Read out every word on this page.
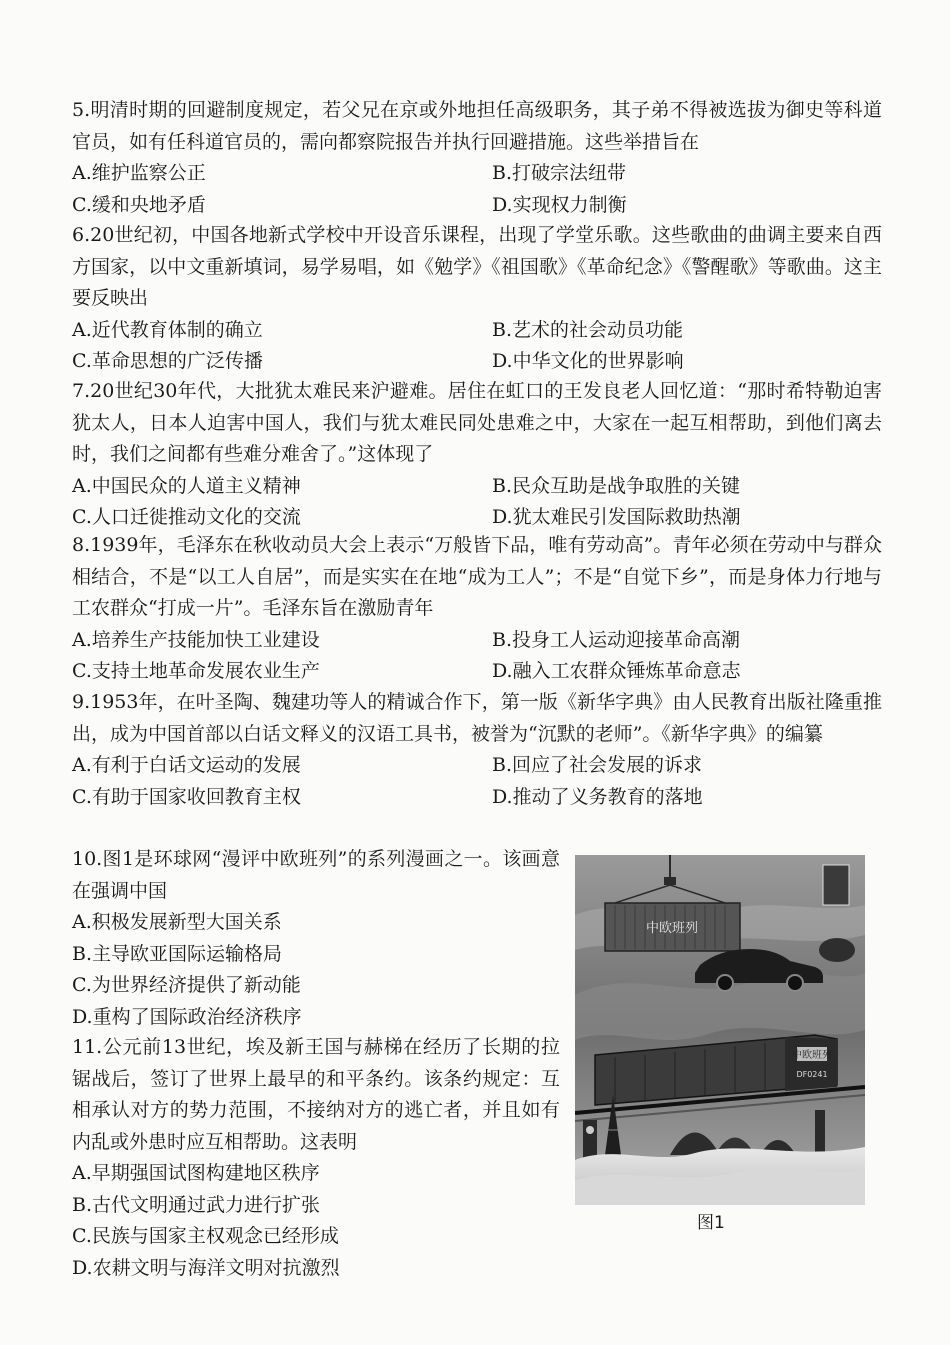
5.明清时期的回避制度规定，若父兄在京或外地担任高级职务，其子弟不得被选拔为御史等科道官员，如有任科道官员的，需向都察院报告并执行回避措施。这些举措旨在

A.维护监察公正	B.打破宗法纽带
C.缓和央地矛盾	D.实现权力制衡

6.20世纪初，中国各地新式学校中开设音乐课程，出现了学堂乐歌。这些歌曲的曲调主要来自西方国家，以中文重新填词，易学易唱，如《勉学》《祖国歌》《革命纪念》《警醒歌》等歌曲。这主要反映出

A.近代教育体制的确立	B.艺术的社会动员功能
C.革命思想的广泛传播	D.中华文化的世界影响

7.20世纪30年代，大批犹太难民来沪避难。居住在虹口的王发良老人回忆道：“那时希特勒迫害犹太人，日本人迫害中国人，我们与犹太难民同处患难之中，大家在一起互相帮助，到他们离去时，我们之间都有些难分难舍了。”这体现了

A.中国民众的人道主义精神	B.民众互助是战争取胜的关键
C.人口迁徙推动文化的交流	D.犹太难民引发国际救助热潮

8.1939年，毛泽东在秋收动员大会上表示“万般皆下品，唯有劳动高”。青年必须在劳动中与群众相结合，不是“以工人自居”，而是实实在在地“成为工人”；不是“自觉下乡”，而是身体力行地与工农群众“打成一片”。毛泽东旨在激励青年

A.培养生产技能加快工业建设	B.投身工人运动迎接革命高潮
C.支持土地革命发展农业生产	D.融入工农群众锤炼革命意志

9.1953年，在叶圣陶、魏建功等人的精诚合作下，第一版《新华字典》由人民教育出版社隆重推出，成为中国首部以白话文释义的汉语工具书，被誉为“沉默的老师”。《新华字典》的编纂

A.有利于白话文运动的发展	B.回应了社会发展的诉求
C.有助于国家收回教育主权	D.推动了义务教育的落地

10.图1是环球网“漫评中欧班列”的系列漫画之一。该画意在强调中国

A.积极发展新型大国关系
B.主导欧亚国际运输格局
C.为世界经济提供了新动能
D.重构了国际政治经济秩序

11.公元前13世纪，埃及新王国与赫梯在经历了长期的拉锯战后，签订了世界上最早的和平条约。该条约规定：互相承认对方的势力范围，不接纳对方的逃亡者，并且如有内乱或外患时应互相帮助。这表明

A.早期强国试图构建地区秩序
B.古代文明通过武力进行扩张
C.民族与国家主权观念已经形成
D.农耕文明与海洋文明对抗激烈
中欧班列
中欧班列
DF0241
图1
